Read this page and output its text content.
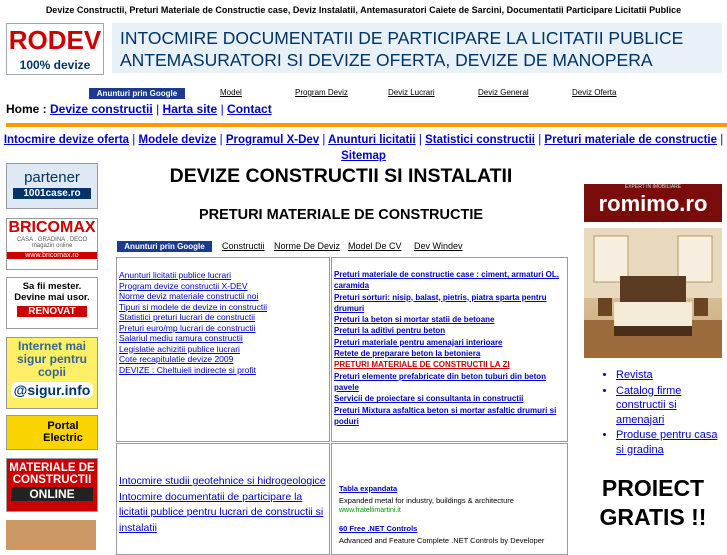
Devize Constructii, Preturi Materiale de Constructie case, Deviz Instalatii, Antemasuratori Caiete de Sarcini, Documentatii Participare Licitatii Publice
RODEV
100% devize
INTOCMIRE DOCUMENTATII DE PARTICIPARE LA LICITATII PUBLICE
ANTEMASURATORI SI DEVIZE OFERTA, DEVIZE DE MANOPERA
Anunturi prin Google	Model	Program Deviz	Deviz Lucrari	Deviz General	Deviz Oferta
Home : Devize constructii | Harta site | Contact
Intocmire devize oferta | Modele devize | Programul X-Dev | Anunturi licitatii | Statistici constructii | Preturi materiale de constructie |
Sitemap
partener
1001case.ro
BRICOMAX
CASA . GRADINA . DECO
magazin online
www.bricomax.ro
Sa fii mester. Devine mai usor.
RENOVAT
Internet mai sigur pentru copii
@sigur.info
Portal Electric
MATERIALE DE CONSTRUCTII
ONLINE
DEVIZE CONSTRUCTII SI INSTALATII
PRETURI MATERIALE DE CONSTRUCTIE
Anunturi prin Google	Constructii Norme De Deviz Model De CV Dev Windev
Anunturi licitatii publice lucrari
Program devize constructii X-DEV
Norme deviz materiale constructii noi
Tipuri si modele de devize in constructii
Statistici preturi lucrari de constructii
Preturi euro/mp lucrari de constructii
Salariul mediu ramura constructii
Legislatie achizitii publice lucrari
Cote recapitulatie devize 2009
DEVIZE : Cheltuieli indirecte si profit
Preturi materiale de constructie case : ciment, armaturi OL, caramida
Preturi sorturi: nisip, balast, pietris, piatra sparta pentru drumuri
Preturi la beton si mortar statii de betoane
Preturi la aditivi pentru beton
Preturi materiale pentru amenajari interioare
Retete de preparare beton la betoniera
PRETURI MATERIALE DE CONSTRUCTII LA ZI
Preturi elemente prefabricate din beton tuburi din beton pavele
Servicii de proiectare si consultanta in constructii
Preturi Mixtura asfaltica beton si mortar asfaltic drumuri si poduri
Intocmire studii geotehnice si hidrogeologice
Intocmire documentatii de participare la licitatii publice pentru lucrari de constructii si instalatii
Tabla expandata
Expanded metal for industry, buildings & architecture
www.fratellimartini.it
60 Free .NET Controls
Advanced and Feature Complete .NET Controls by Developer
EXPERT IN IMOBILIARE
romimo.ro
• Revista
• Catalog firme constructii si amenajari
• Produse pentru casa si gradina
PROIECT
GRATIS !!
